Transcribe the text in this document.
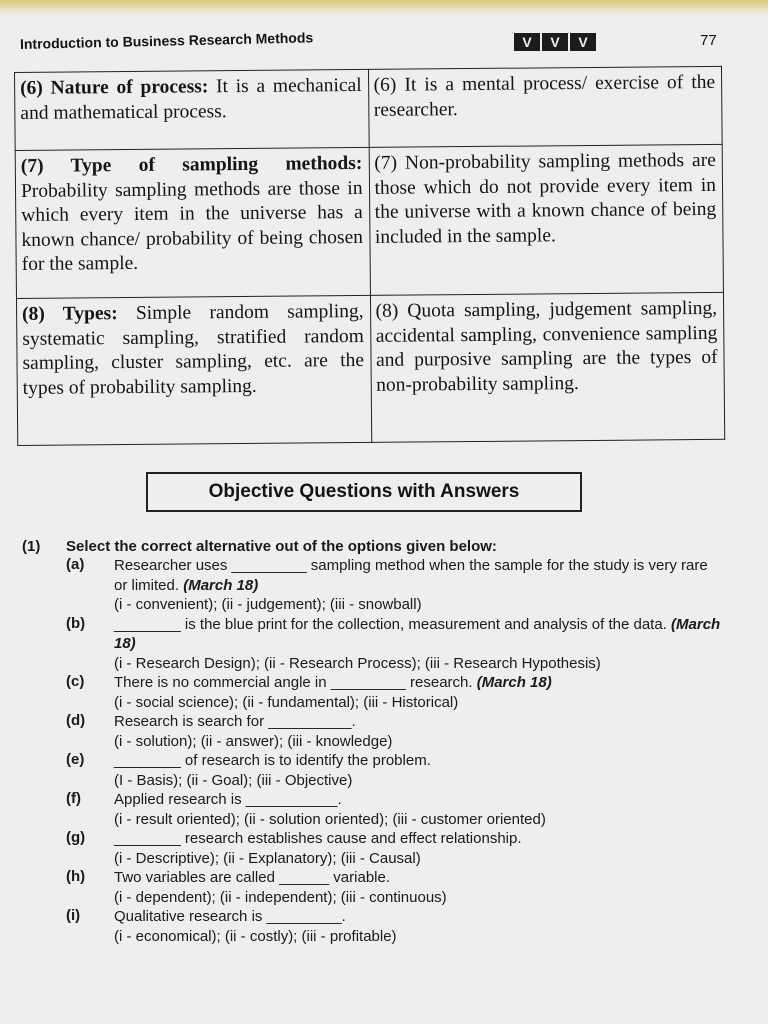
Introduction to Business Research Methods	V	V	V	77
(6) Nature of process: It is a mechanical and mathematical process.	(6) It is a mental process/ exercise of the researcher.
(7) Type of sampling methods: Probability sampling methods are those in which every item in the universe has a known chance/ probability of being chosen for the sample.	(7) Non-probability sampling methods are those which do not provide every item in the universe with a known chance of being included in the sample.
(8) Types: Simple random sampling, systematic sampling, stratified random sampling, cluster sampling, etc. are the types of probability sampling.	(8) Quota sampling, judgement sampling, accidental sampling, convenience sampling and purposive sampling are the types of non-probability sampling.
Objective Questions with Answers
(1)	Select the correct alternative out of the options given below:
(a)	Researcher uses _________ sampling method when the sample for the study is very rare or limited. (March 18)
(i - convenient); (ii - judgement); (iii - snowball)
(b)	________ is the blue print for the collection, measurement and analysis of the data. (March 18)
(i - Research Design); (ii - Research Process); (iii - Research Hypothesis)
(c)	There is no commercial angle in _________ research. (March 18)
(i - social science); (ii - fundamental); (iii - Historical)
(d)	Research is search for __________.
(i - solution); (ii - answer); (iii - knowledge)
(e)	________ of research is to identify the problem.
(I - Basis); (ii - Goal); (iii - Objective)
(f)	Applied research is ___________.
(i - result oriented); (ii - solution oriented); (iii - customer oriented)
(g)	________ research establishes cause and effect relationship.
(i - Descriptive); (ii - Explanatory); (iii - Causal)
(h)	Two variables are called ______ variable.
(i - dependent); (ii - independent); (iii - continuous)
(i)	Qualitative research is _________.
(i - economical); (ii - costly); (iii - profitable)
